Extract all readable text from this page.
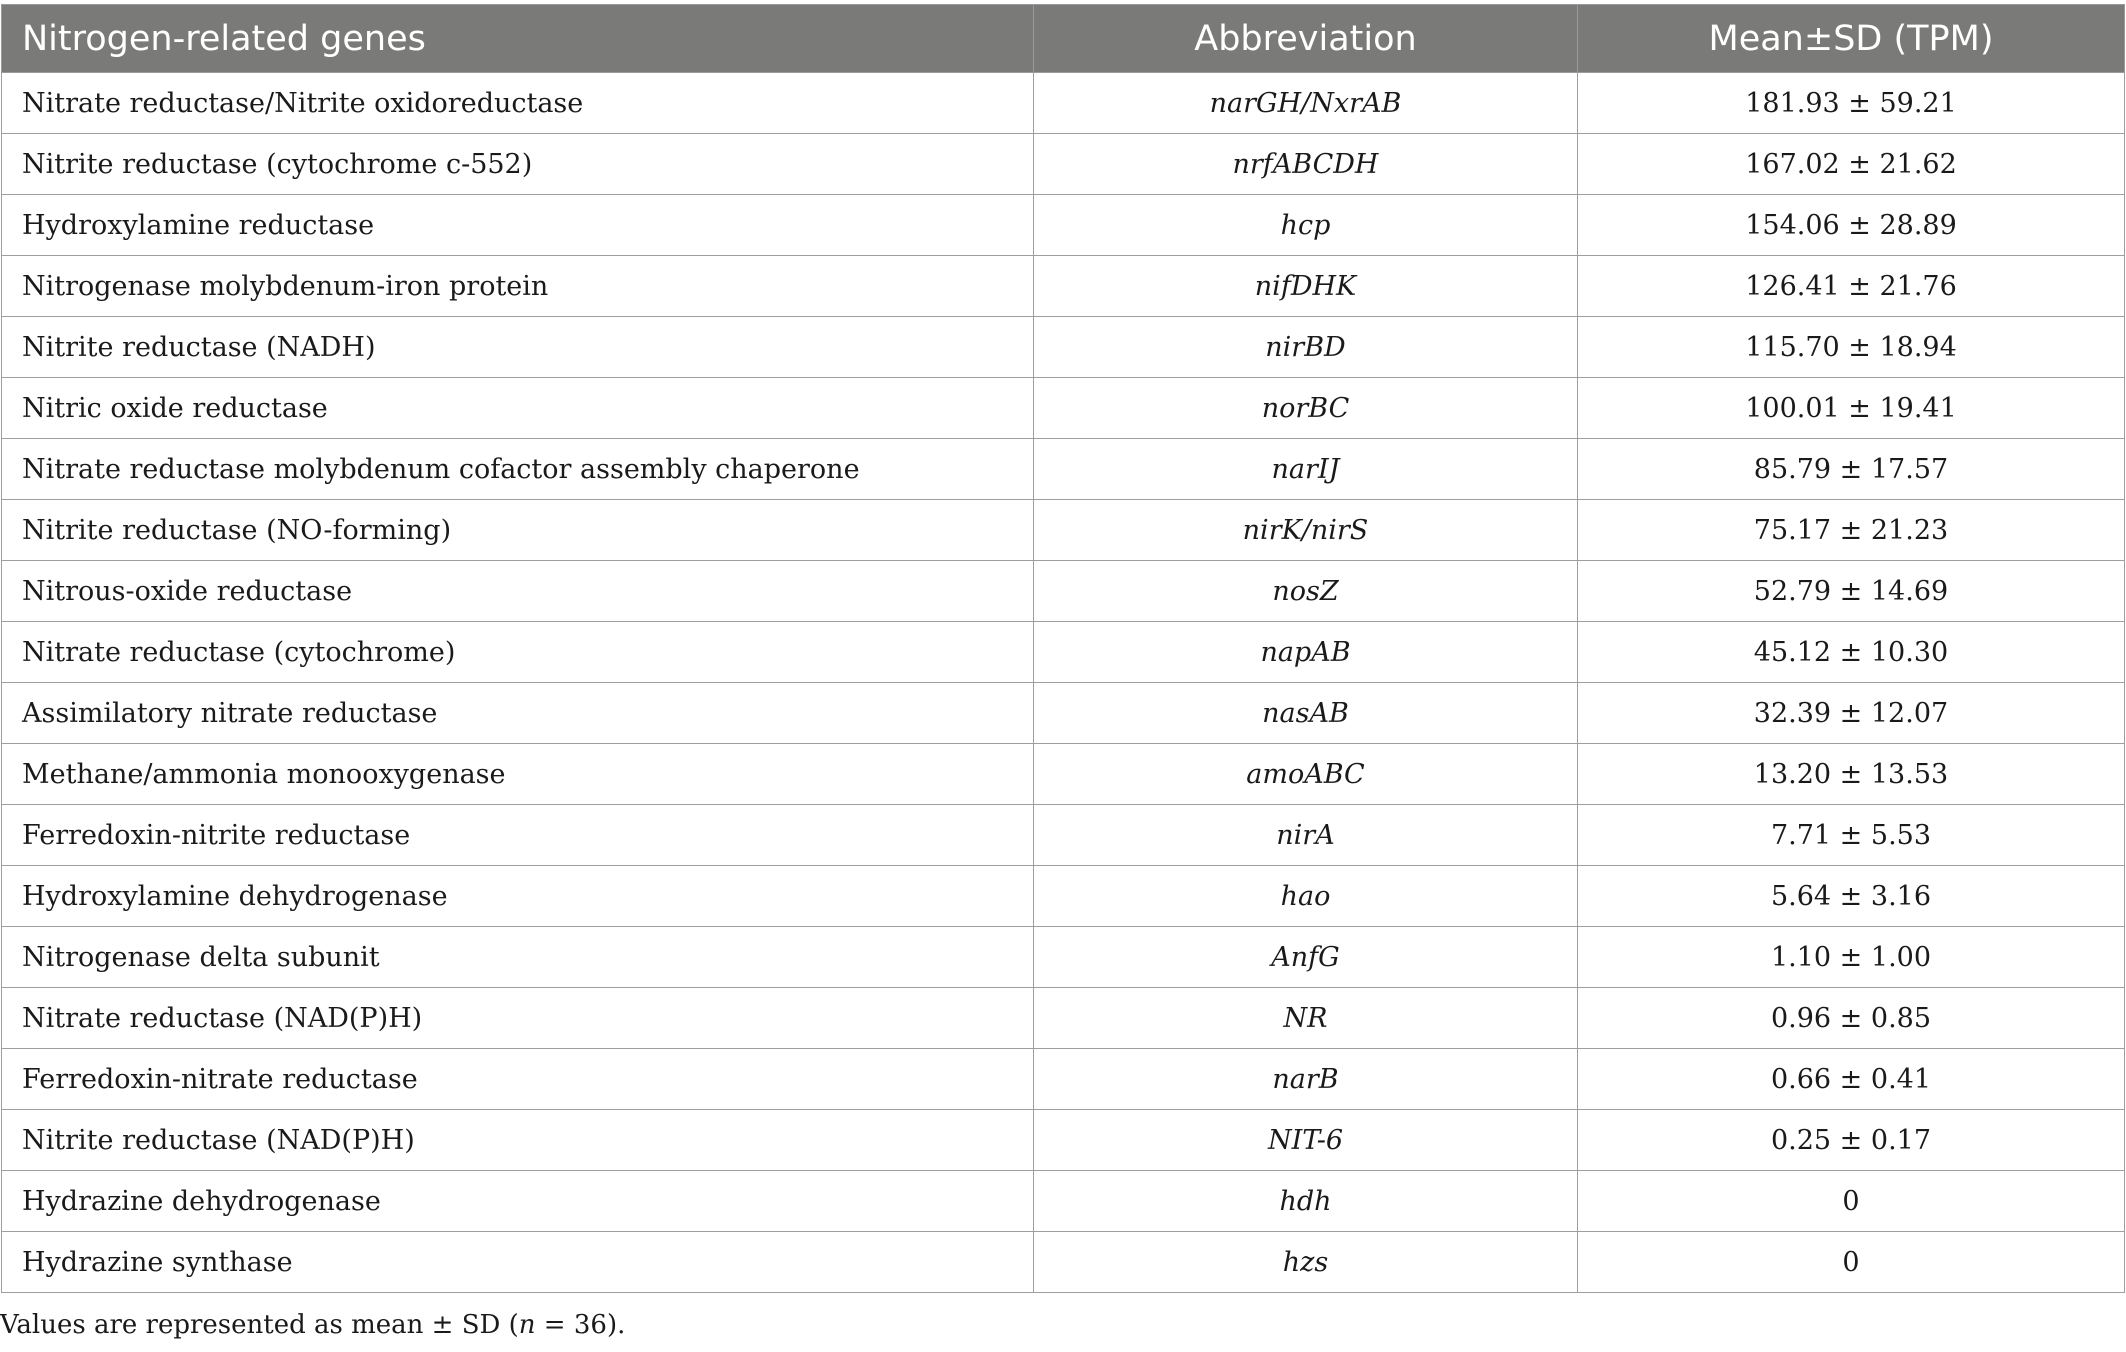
Nitrogen-related genes	Abbreviation	Mean±SD (TPM)
Nitrate reductase/Nitrite oxidoreductase	narGH/NxrAB	181.93 ± 59.21
Nitrite reductase (cytochrome c-552)	nrfABCDH	167.02 ± 21.62
Hydroxylamine reductase	hcp	154.06 ± 28.89
Nitrogenase molybdenum-iron protein	nifDHK	126.41 ± 21.76
Nitrite reductase (NADH)	nirBD	115.70 ± 18.94
Nitric oxide reductase	norBC	100.01 ± 19.41
Nitrate reductase molybdenum cofactor assembly chaperone	narIJ	85.79 ± 17.57
Nitrite reductase (NO-forming)	nirK/nirS	75.17 ± 21.23
Nitrous-oxide reductase	nosZ	52.79 ± 14.69
Nitrate reductase (cytochrome)	napAB	45.12 ± 10.30
Assimilatory nitrate reductase	nasAB	32.39 ± 12.07
Methane/ammonia monooxygenase	amoABC	13.20 ± 13.53
Ferredoxin-nitrite reductase	nirA	7.71 ± 5.53
Hydroxylamine dehydrogenase	hao	5.64 ± 3.16
Nitrogenase delta subunit	AnfG	1.10 ± 1.00
Nitrate reductase (NAD(P)H)	NR	0.96 ± 0.85
Ferredoxin-nitrate reductase	narB	0.66 ± 0.41
Nitrite reductase (NAD(P)H)	NIT-6	0.25 ± 0.17
Hydrazine dehydrogenase	hdh	0
Hydrazine synthase	hzs	0
Values are represented as mean ± SD (n = 36).
